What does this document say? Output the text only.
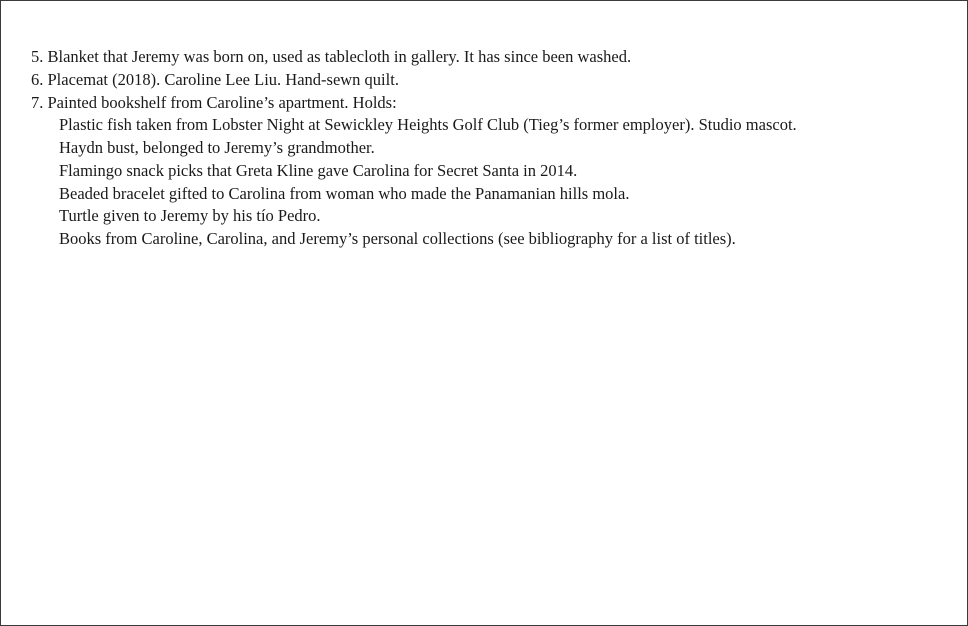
5. Blanket that Jeremy was born on, used as tablecloth in gallery. It has since been washed.

6. Placemat (2018). Caroline Lee Liu. Hand-sewn quilt.

7. Painted bookshelf from Caroline’s apartment. Holds:

Plastic fish taken from Lobster Night at Sewickley Heights Golf Club (Tieg’s former employer). Studio mascot.

Haydn bust, belonged to Jeremy’s grandmother.

Flamingo snack picks that Greta Kline gave Carolina for Secret Santa in 2014.

Beaded bracelet gifted to Carolina from woman who made the Panamanian hills mola.

Turtle given to Jeremy by his tío Pedro.

Books from Caroline, Carolina, and Jeremy’s personal collections (see bibliography for a list of titles).
